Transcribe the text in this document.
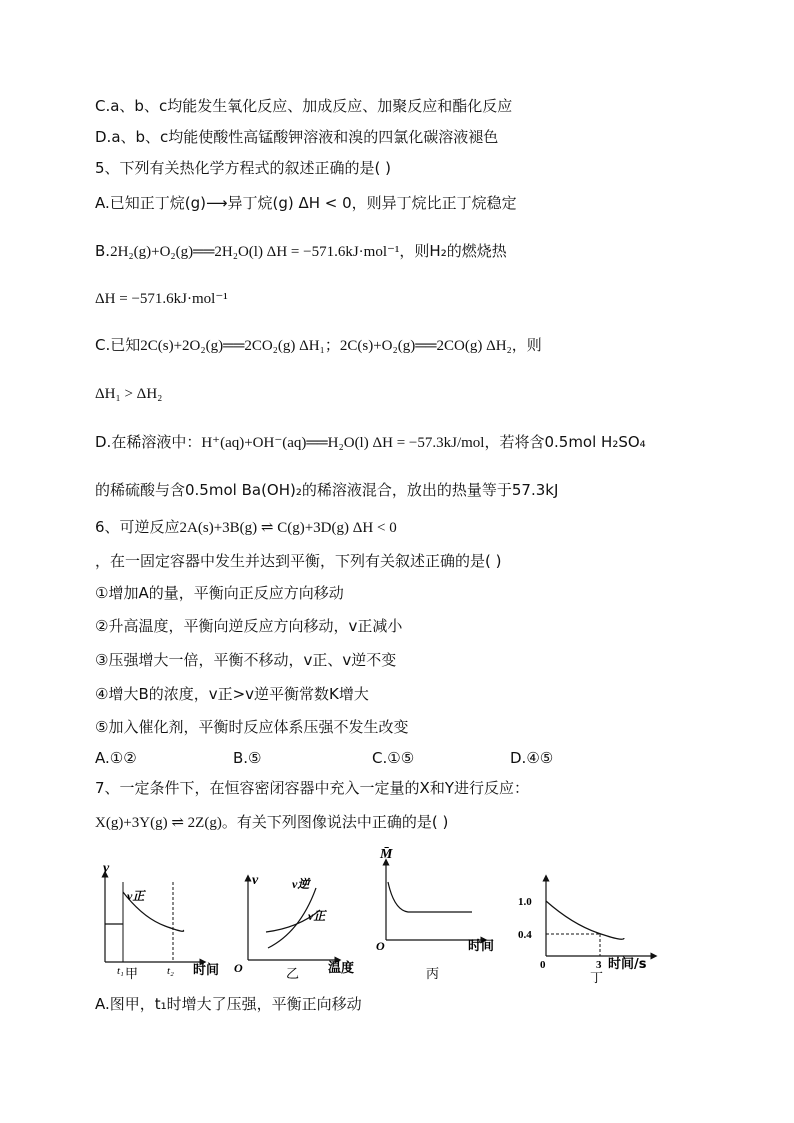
C.a、b、c均能发生氧化反应、加成反应、加聚反应和酯化反应
D.a、b、c均能使酸性高锰酸钾溶液和溴的四氯化碳溶液褪色
5、下列有关热化学方程式的叙述正确的是( )
A.已知正丁烷(g)⟶异丁烷(g) ΔH < 0，则异丁烷比正丁烷稳定
B.2H₂(g)+O₂(g)══2H₂O(l) ΔH = −571.6kJ·mol⁻¹，则H₂的燃烧热
ΔH = −571.6kJ·mol⁻¹
C.已知2C(s)+2O₂(g)══2CO₂(g) ΔH₁；2C(s)+O₂(g)══2CO(g) ΔH₂，则
ΔH₁ > ΔH₂
D.在稀溶液中：H⁺(aq)+OH⁻(aq)══H₂O(l) ΔH = −57.3kJ/mol，若将含0.5mol H₂SO₄
的稀硫酸与含0.5mol Ba(OH)₂的稀溶液混合，放出的热量等于57.3kJ
6、可逆反应2A(s)+3B(g) ⇌ C(g)+3D(g) ΔH < 0
，在一固定容器中发生并达到平衡，下列有关叙述正确的是( )
①增加A的量，平衡向正反应方向移动
②升高温度，平衡向逆反应方向移动，v正减小
③压强增大一倍，平衡不移动，v正、v逆不变
④增大B的浓度，v正>v逆平衡常数K增大
⑤加入催化剂，平衡时反应体系压强不发生改变
A.①②	B.⑤	C.①⑤	D.④⑤
7、一定条件下，在恒容密闭容器中充入一定量的X和Y进行反应：
X(g)+3Y(g) ⇌ 2Z(g)。有关下列图像说法中正确的是( )
v
v正
t₁	t₂ 时间
甲
v
O
v逆
v正
温度
乙
M̄
O	时间
丙
1.0
0.4
0	3 时间/s
丁
A.图甲，t₁时增大了压强，平衡正向移动
